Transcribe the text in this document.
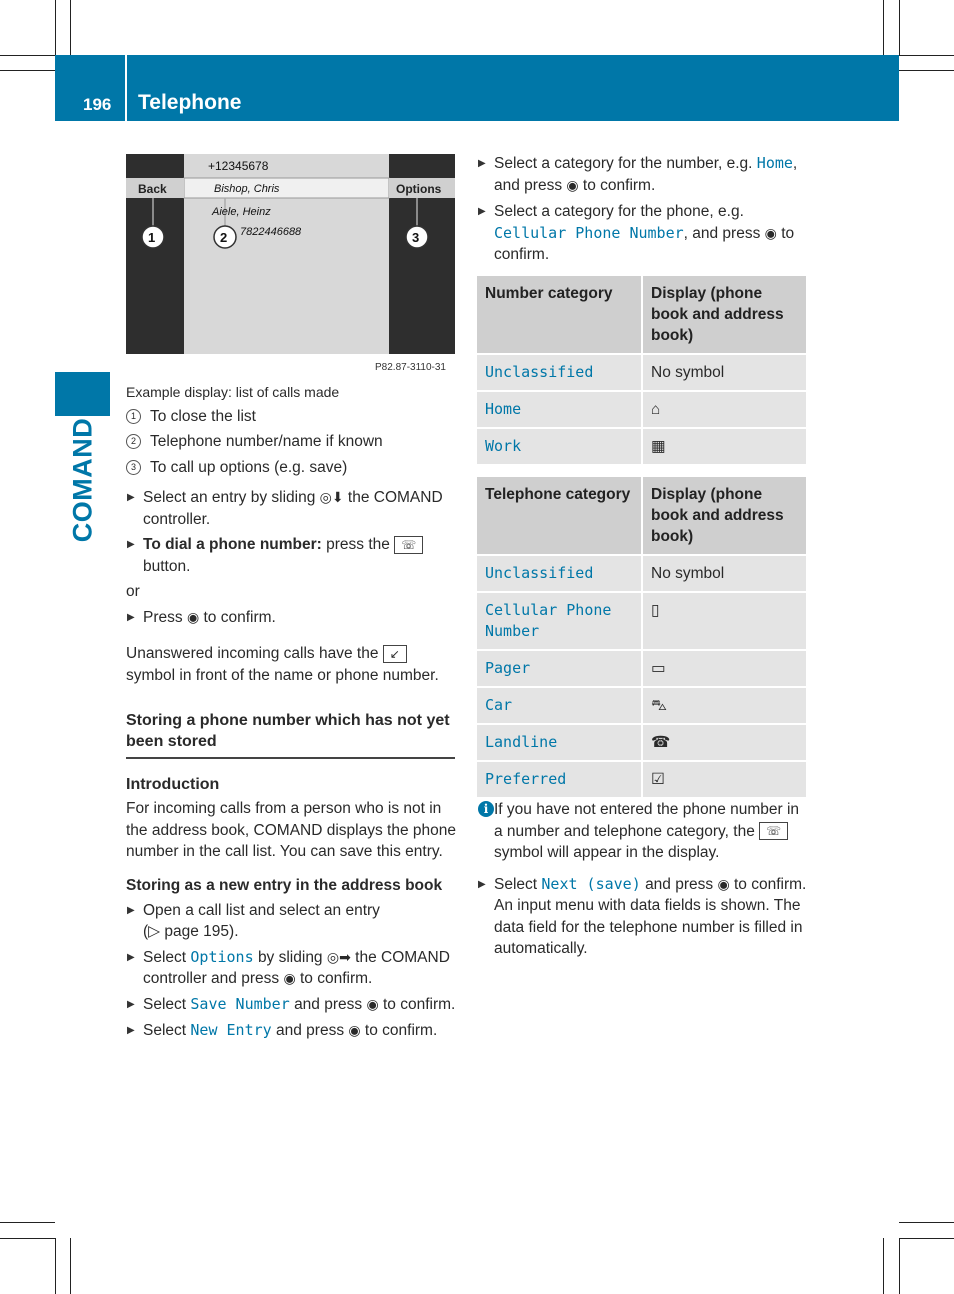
196 Telephone
COMAND
Back	Options
+12345678
Bishop, Chris
Aiele, Heinz
7822446688
1	2	3
P82.87-3110-31
Example display: list of calls made
1 To close the list
2 Telephone number/name if known
3 To call up options (e.g. save)

▶ Select an entry by sliding ◎⬇ the COMAND controller.

▶ To dial a phone number: press the ☏ button.

or

▶ Press ◉ to confirm.

Unanswered incoming calls have the ↙ symbol in front of the name or phone number.

Storing a phone number which has not yet been stored
Introduction
For incoming calls from a person who is not in the address book, COMAND displays the phone number in the call list. You can save this entry.
Storing as a new entry in the address book

▶ Open a call list and select an entry
(▷ page 195).

▶ Select Options by sliding ◎➡ the COMAND controller and press ◉ to confirm.

▶ Select Save Number and press ◉ to confirm.

▶ Select New Entry and press ◉ to confirm.

▶ Select a category for the number, e.g. Home, and press ◉ to confirm.

▶ Select a category for the phone, e.g. Cellular Phone Number, and press ◉ to confirm.

Number category	Display (phone book and address book)
Unclassified	No symbol
Home	⌂
Work	▦
Telephone category	Display (phone book and address book)
Unclassified	No symbol
Cellular Phone Number	▯
Pager	▭
Car	⛍
Landline	☎
Preferred	☑

i If you have not entered the phone number in a number and telephone category, the ☏ symbol will appear in the display.

▶ Select Next (save) and press ◉ to confirm.
An input menu with data fields is shown. The data field for the telephone number is filled in automatically.
